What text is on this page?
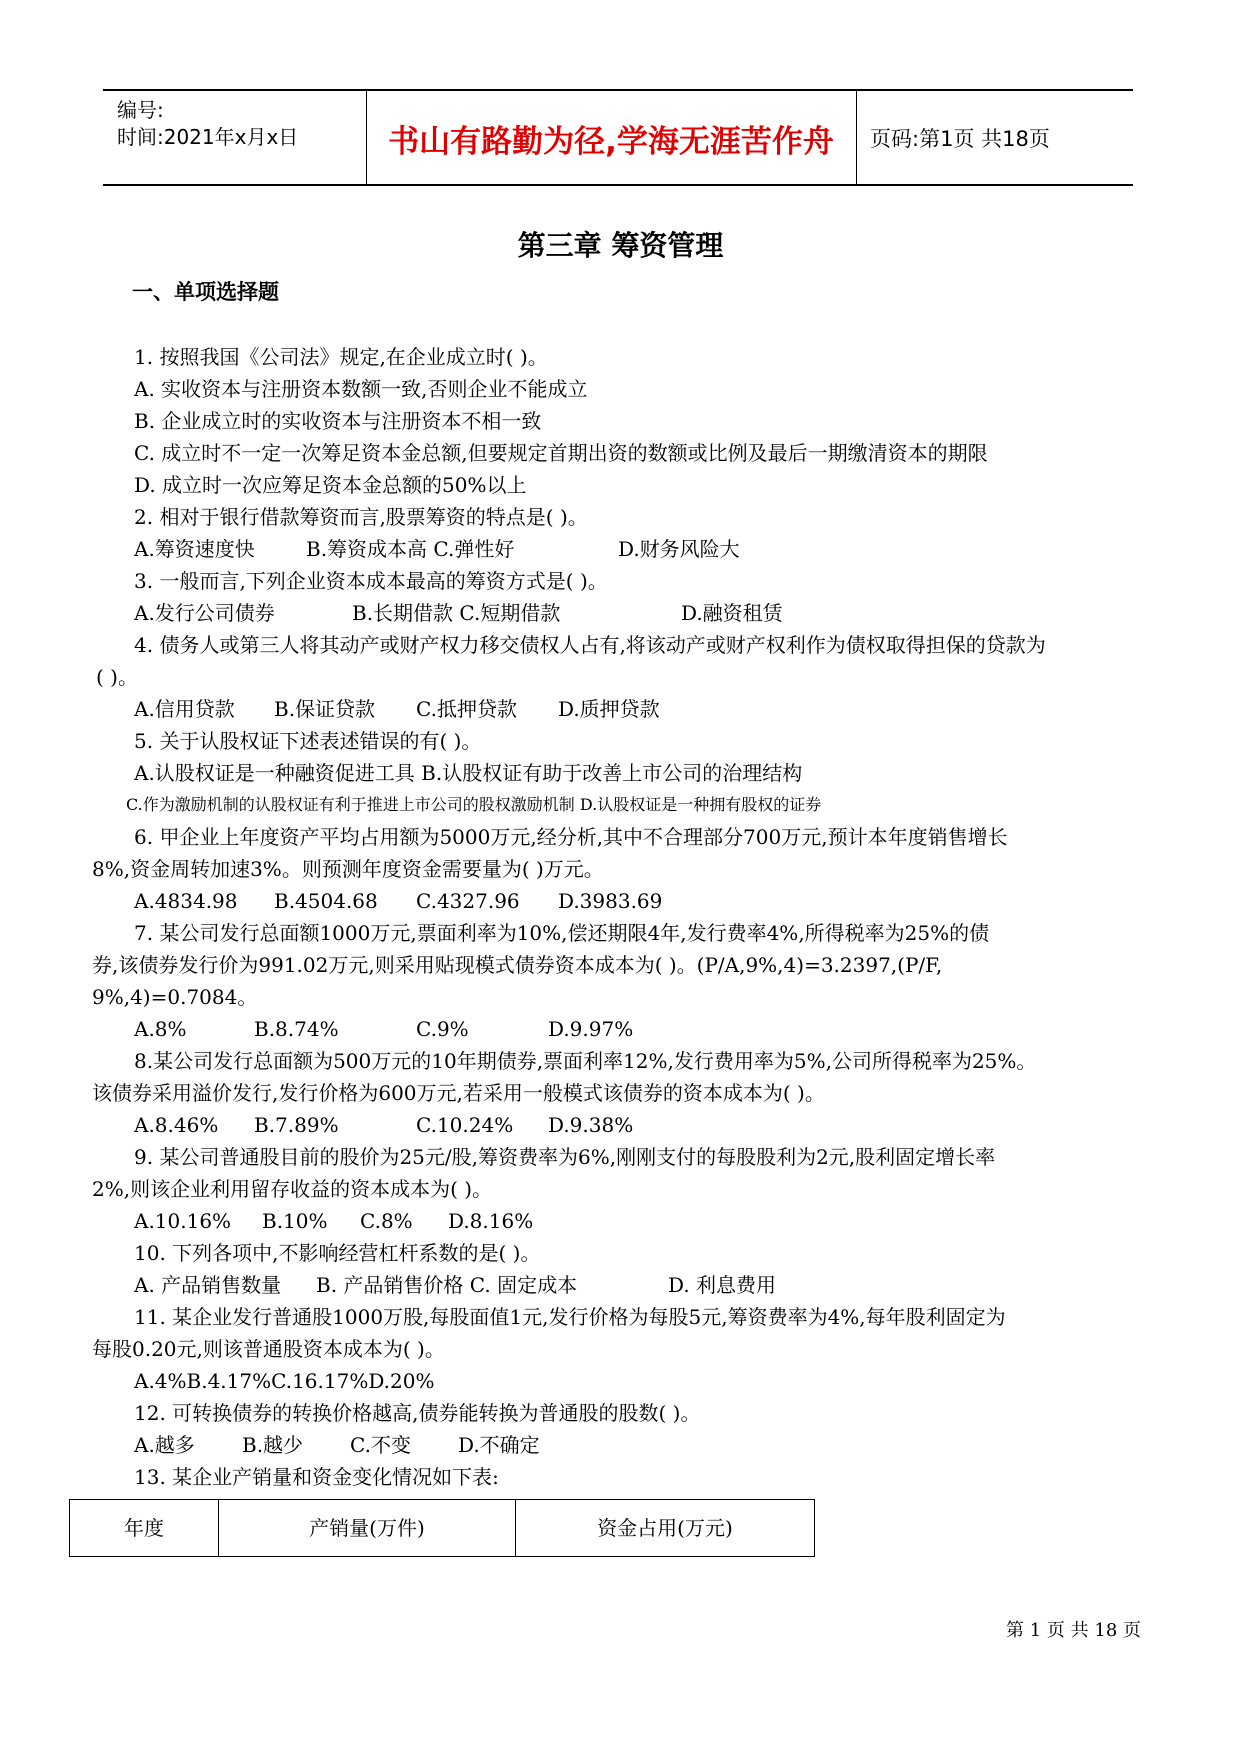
编号:
时间:2021年x月x日	书山有路勤为径,学海无涯苦作舟	页码:第1页 共18页
第三章 筹资管理
一、单项选择题
1. 按照我国《公司法》规定,在企业成立时( )。
A. 实收资本与注册资本数额一致,否则企业不能成立
B. 企业成立时的实收资本与注册资本不相一致
C. 成立时不一定一次筹足资本金总额,但要规定首期出资的数额或比例及最后一期缴清资本的期限
D. 成立时一次应筹足资本金总额的50%以上
2. 相对于银行借款筹资而言,股票筹资的特点是( )。
A.筹资速度快	B.筹资成本高 C.弹性好	D.财务风险大
3. 一般而言,下列企业资本成本最高的筹资方式是( )。
A.发行公司债券	B.长期借款 C.短期借款	D.融资租赁
4. 债务人或第三人将其动产或财产权力移交债权人占有,将该动产或财产权利作为债权取得担保的贷款为
( )。
A.信用贷款 B.保证贷款 C.抵押贷款 D.质押贷款
5. 关于认股权证下述表述错误的有( )。
A.认股权证是一种融资促进工具 B.认股权证有助于改善上市公司的治理结构
C.作为激励机制的认股权证有利于推进上市公司的股权激励机制 D.认股权证是一种拥有股权的证券
6. 甲企业上年度资产平均占用额为5000万元,经分析,其中不合理部分700万元,预计本年度销售增长
8%,资金周转加速3%。则预测年度资金需要量为( )万元。
A.4834.98 B.4504.68 C.4327.96 D.3983.69
7. 某公司发行总面额1000万元,票面利率为10%,偿还期限4年,发行费率4%,所得税率为25%的债
券,该债券发行价为991.02万元,则采用贴现模式债券资本成本为( )。(P/A,9%,4)=3.2397,(P/F,
9%,4)=0.7084。
A.8%	B.8.74%	C.9%	D.9.97%
8.某公司发行总面额为500万元的10年期债券,票面利率12%,发行费用率为5%,公司所得税率为25%。
该债券采用溢价发行,发行价格为600万元,若采用一般模式该债券的资本成本为( )。
A.8.46% B.7.89%	C.10.24% D.9.38%
9. 某公司普通股目前的股价为25元/股,筹资费率为6%,刚刚支付的每股股利为2元,股利固定增长率
2%,则该企业利用留存收益的资本成本为( )。
A.10.16% B.10% C.8% D.8.16%
10. 下列各项中,不影响经营杠杆系数的是( )。
A. 产品销售数量 B. 产品销售价格 C. 固定成本	D. 利息费用
11. 某企业发行普通股1000万股,每股面值1元,发行价格为每股5元,筹资费率为4%,每年股利固定为
每股0.20元,则该普通股资本成本为( )。
A.4%B.4.17%C.16.17%D.20%
12. 可转换债券的转换价格越高,债券能转换为普通股的股数( )。
A.越多 B.越少 C.不变 D.不确定
13. 某企业产销量和资金变化情况如下表:
年度	产销量(万件)	资金占用(万元)
第 1 页 共 18 页
